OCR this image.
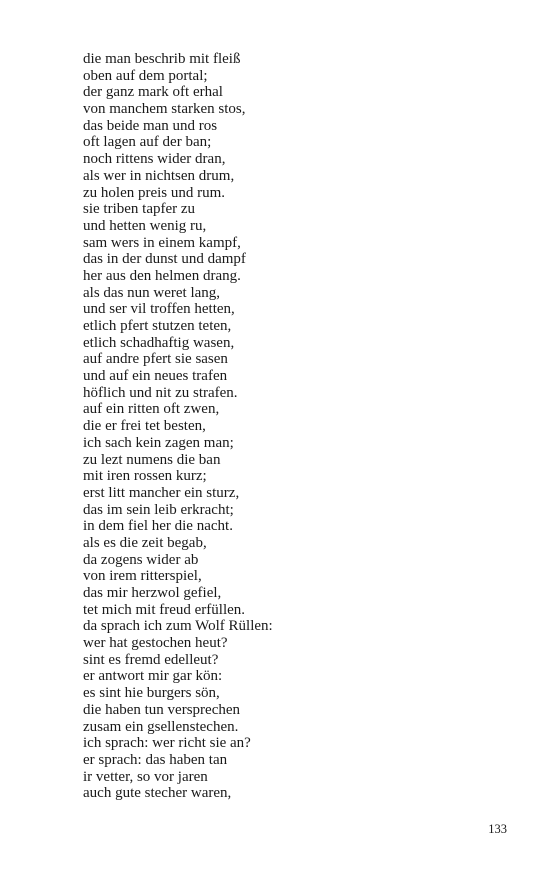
die man beschrib mit fleiß
oben auf dem portal;
der ganz mark oft erhal
von manchem starken stos,
das beide man und ros
oft lagen auf der ban;
noch rittens wider dran,
als wer in nichtsen drum,
zu holen preis und rum.
sie triben tapfer zu
und hetten wenig ru,
sam wers in einem kampf,
das in der dunst und dampf
her aus den helmen drang.
als das nun weret lang,
und ser vil troffen hetten,
etlich pfert stutzen teten,
etlich schadhaftig wasen,
auf andre pfert sie sasen
und auf ein neues trafen
höflich und nit zu strafen.
auf ein ritten oft zwen,
die er frei tet besten,
ich sach kein zagen man;
zu lezt numens die ban
mit iren rossen kurz;
erst litt mancher ein sturz,
das im sein leib erkracht;
in dem fiel her die nacht.
als es die zeit begab,
da zogens wider ab
von irem ritterspiel,
das mir herzwol gefiel,
tet mich mit freud erfüllen.
da sprach ich zum Wolf Rüllen:
wer hat gestochen heut?
sint es fremd edelleut?
er antwort mir gar kön:
es sint hie burgers sön,
die haben tun versprechen
zusam ein gsellenstechen.
ich sprach: wer richt sie an?
er sprach: das haben tan
ir vetter, so vor jaren
auch gute stecher waren,
133
